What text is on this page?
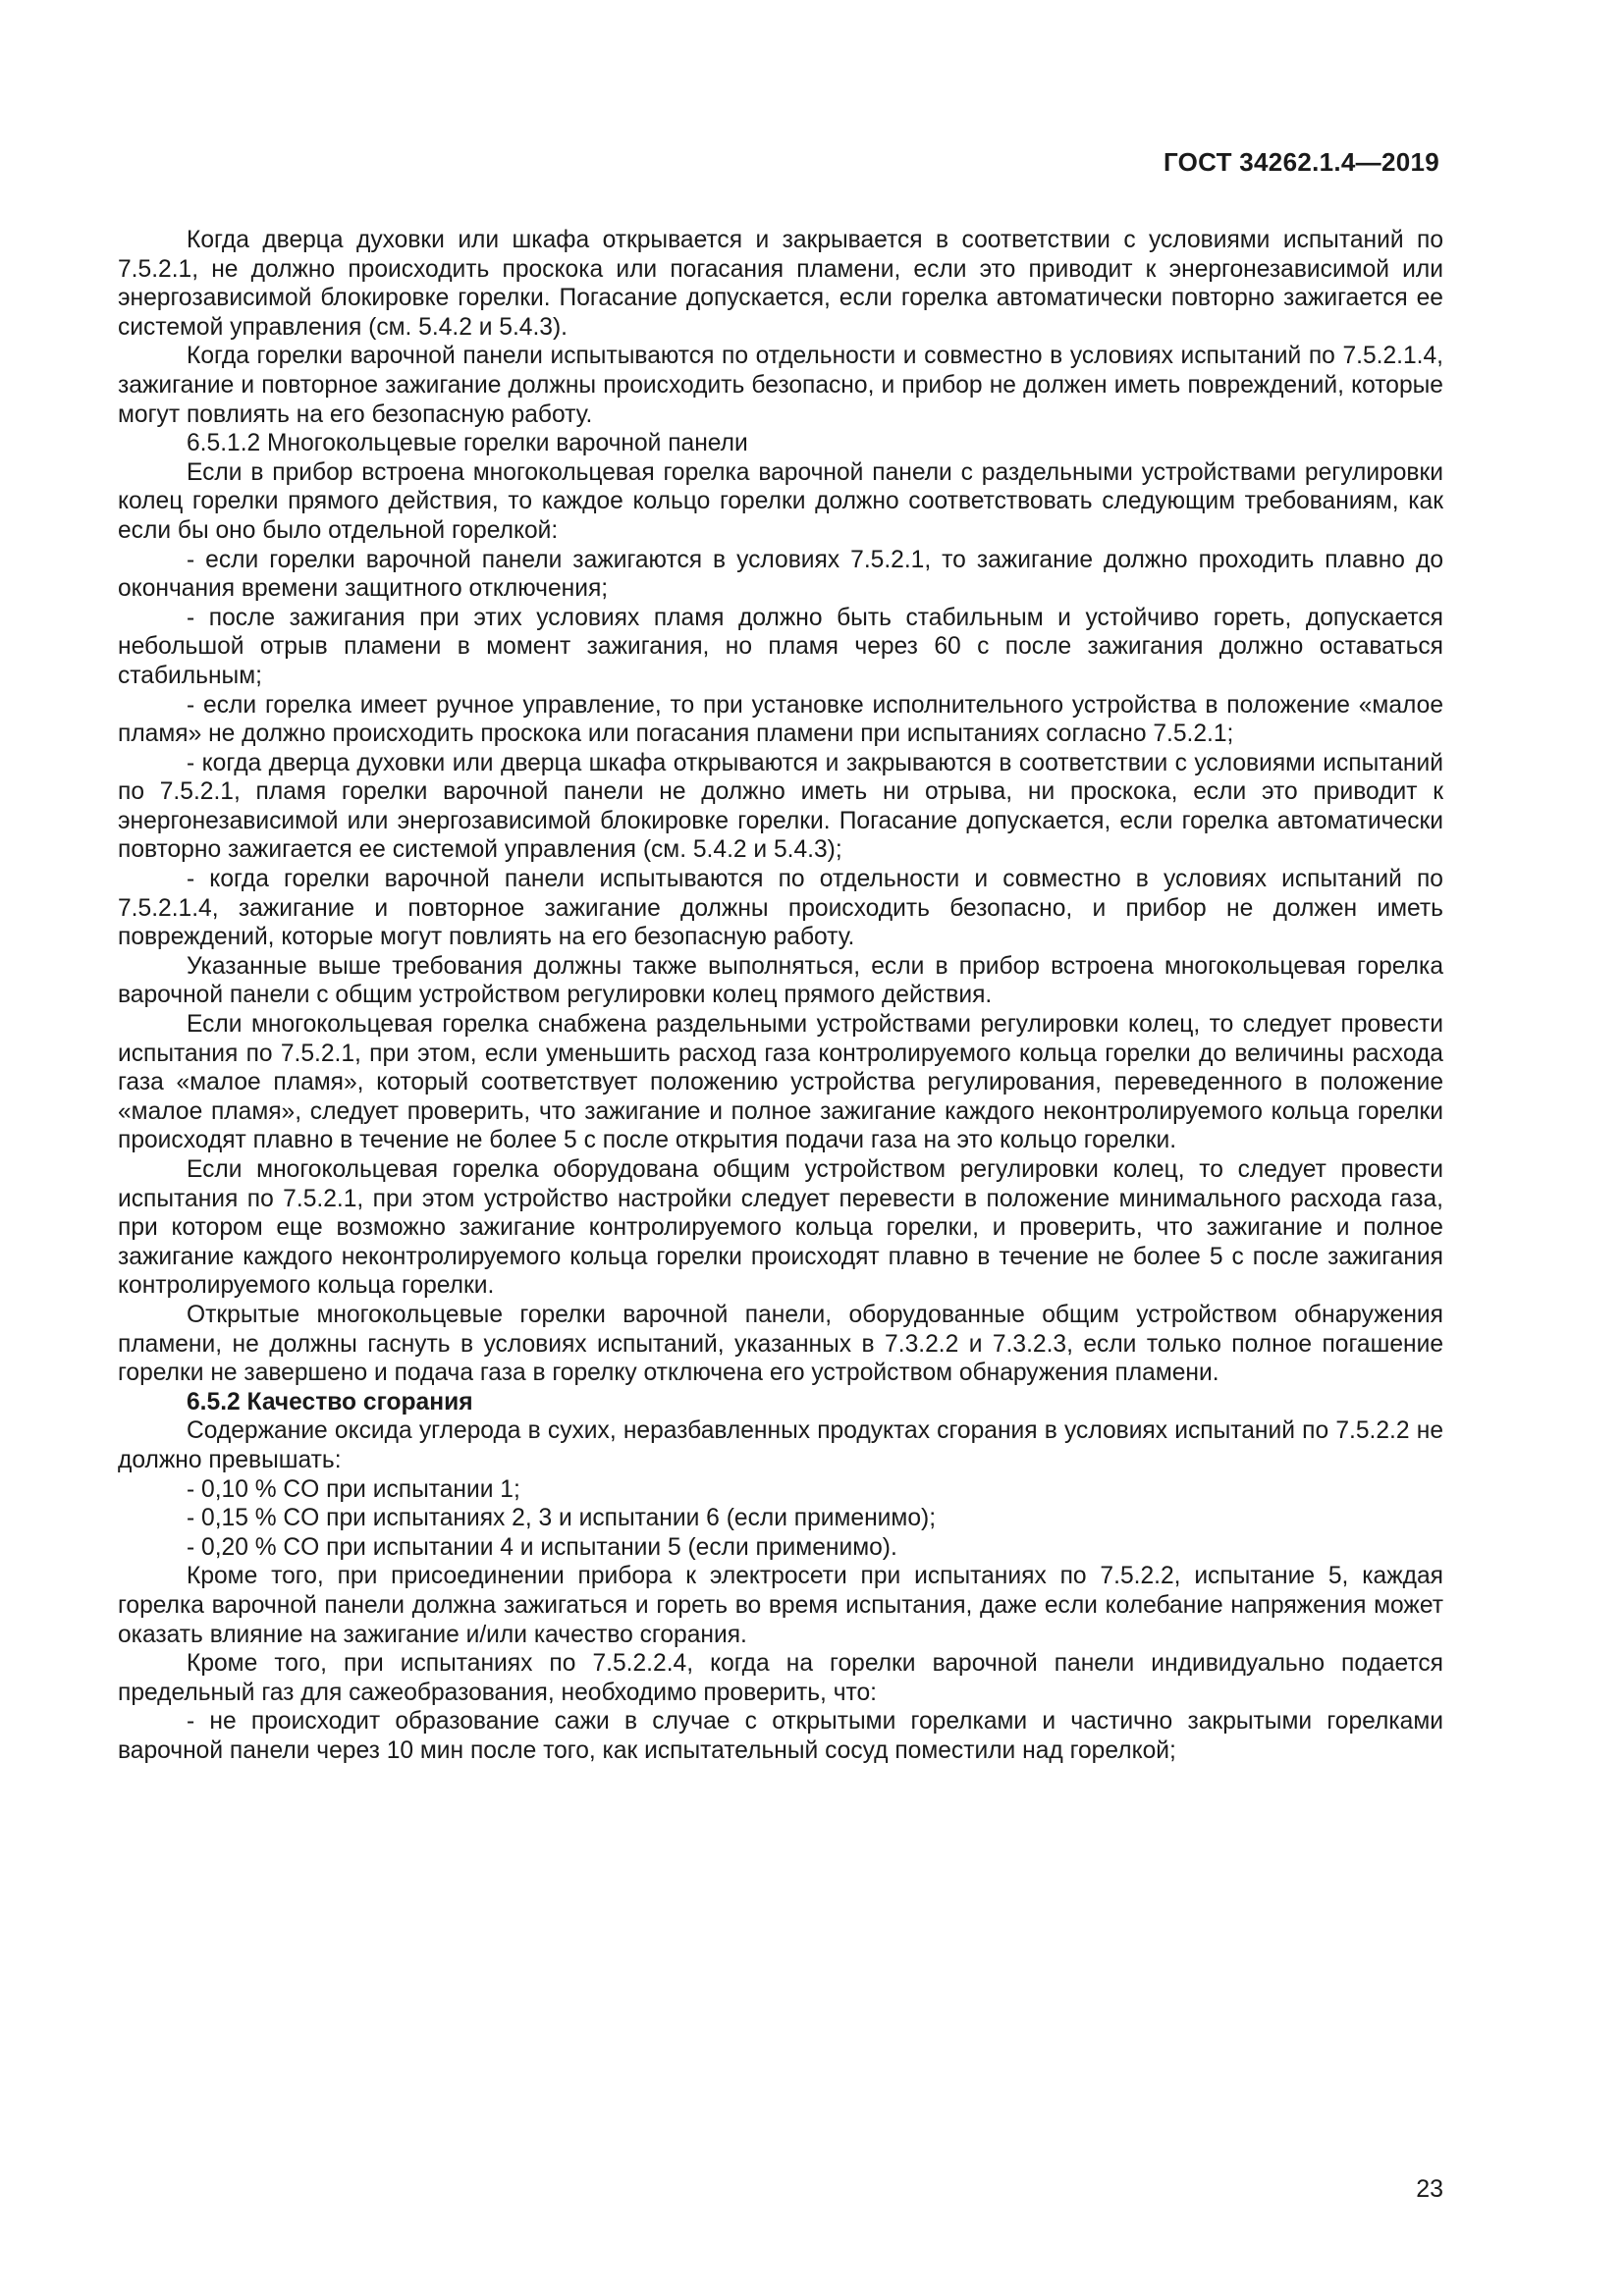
ГОСТ 34262.1.4—2019

Когда дверца духовки или шкафа открывается и закрывается в соответствии с условиями испытаний по 7.5.2.1, не должно происходить проскока или погасания пламени, если это приводит к энергонезависимой или энергозависимой блокировке горелки. Погасание допускается, если горелка автоматически повторно зажигается ее системой управления (см. 5.4.2 и 5.4.3).

Когда горелки варочной панели испытываются по отдельности и совместно в условиях испытаний по 7.5.2.1.4, зажигание и повторное зажигание должны происходить безопасно, и прибор не должен иметь повреждений, которые могут повлиять на его безопасную работу.

6.5.1.2 Многокольцевые горелки варочной панели

Если в прибор встроена многокольцевая горелка варочной панели с раздельными устройствами регулировки колец горелки прямого действия, то каждое кольцо горелки должно соответствовать следующим требованиям, как если бы оно было отдельной горелкой:

- если горелки варочной панели зажигаются в условиях 7.5.2.1, то зажигание должно проходить плавно до окончания времени защитного отключения;

- после зажигания при этих условиях пламя должно быть стабильным и устойчиво гореть, допускается небольшой отрыв пламени в момент зажигания, но пламя через 60 с после зажигания должно оставаться стабильным;

- если горелка имеет ручное управление, то при установке исполнительного устройства в положение «малое пламя» не должно происходить проскока или погасания пламени при испытаниях согласно 7.5.2.1;

- когда дверца духовки или дверца шкафа открываются и закрываются в соответствии с условиями испытаний по 7.5.2.1, пламя горелки варочной панели не должно иметь ни отрыва, ни проскока, если это приводит к энергонезависимой или энергозависимой блокировке горелки. Погасание допускается, если горелка автоматически повторно зажигается ее системой управления (см. 5.4.2 и 5.4.3);

- когда горелки варочной панели испытываются по отдельности и совместно в условиях испытаний по 7.5.2.1.4, зажигание и повторное зажигание должны происходить безопасно, и прибор не должен иметь повреждений, которые могут повлиять на его безопасную работу.

Указанные выше требования должны также выполняться, если в прибор встроена многокольцевая горелка варочной панели с общим устройством регулировки колец прямого действия.

Если многокольцевая горелка снабжена раздельными устройствами регулировки колец, то следует провести испытания по 7.5.2.1, при этом, если уменьшить расход газа контролируемого кольца горелки до величины расхода газа «малое пламя», который соответствует положению устройства регулирования, переведенного в положение «малое пламя», следует проверить, что зажигание и полное зажигание каждого неконтролируемого кольца горелки происходят плавно в течение не более 5 с после открытия подачи газа на это кольцо горелки.

Если многокольцевая горелка оборудована общим устройством регулировки колец, то следует провести испытания по 7.5.2.1, при этом устройство настройки следует перевести в положение минимального расхода газа, при котором еще возможно зажигание контролируемого кольца горелки, и проверить, что зажигание и полное зажигание каждого неконтролируемого кольца горелки происходят плавно в течение не более 5 с после зажигания контролируемого кольца горелки.

Открытые многокольцевые горелки варочной панели, оборудованные общим устройством обнаружения пламени, не должны гаснуть в условиях испытаний, указанных в 7.3.2.2 и 7.3.2.3, если только полное погашение горелки не завершено и подача газа в горелку отключена его устройством обнаружения пламени.

6.5.2 Качество сгорания

Содержание оксида углерода в сухих, неразбавленных продуктах сгорания в условиях испытаний по 7.5.2.2 не должно превышать:

- 0,10 % CO при испытании 1;

- 0,15 % CO при испытаниях 2, 3 и испытании 6 (если применимо);

- 0,20 % CO при испытании 4 и испытании 5 (если применимо).

Кроме того, при присоединении прибора к электросети при испытаниях по 7.5.2.2, испытание 5, каждая горелка варочной панели должна зажигаться и гореть во время испытания, даже если колебание напряжения может оказать влияние на зажигание и/или качество сгорания.

Кроме того, при испытаниях по 7.5.2.2.4, когда на горелки варочной панели индивидуально подается предельный газ для сажеобразования, необходимо проверить, что:

- не происходит образование сажи в случае с открытыми горелками и частично закрытыми горелками варочной панели через 10 мин после того, как испытательный сосуд поместили над горелкой;

23
